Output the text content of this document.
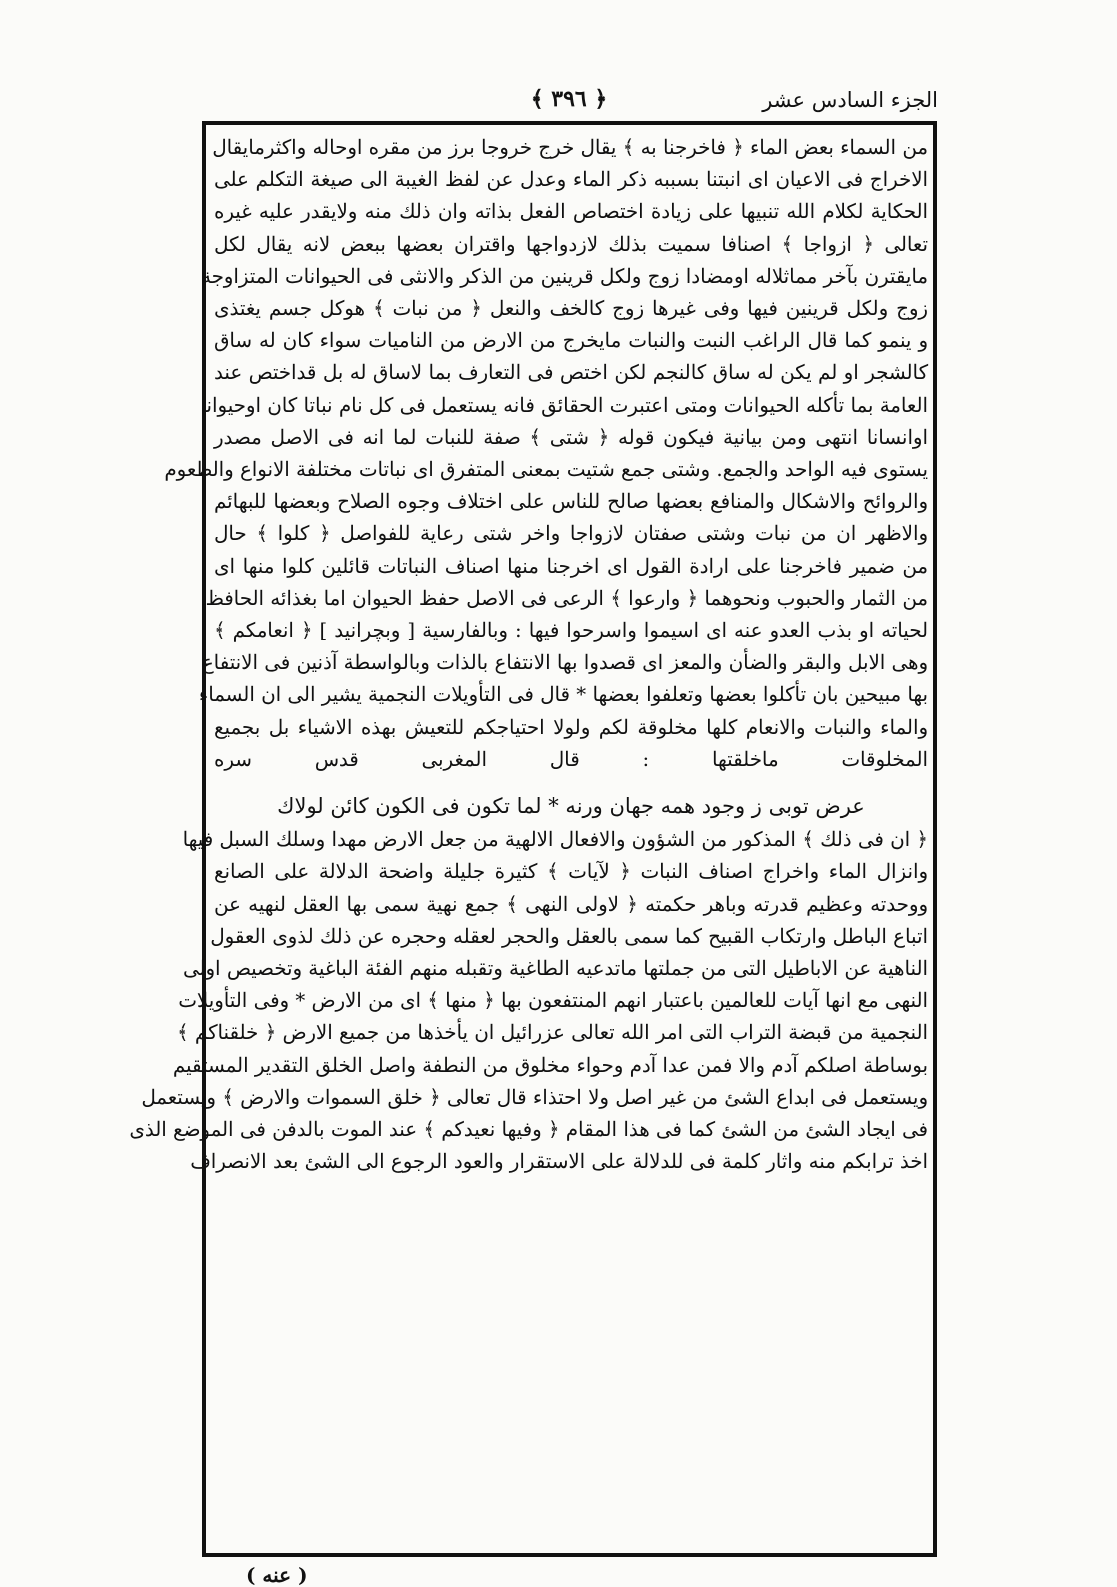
الجزء السادس عشر
﴿ ٣٩٦ ﴾
من السماء بعض الماء ﴿ فاخرجنا به ﴾ يقال خرج خروجا برز من مقره اوحاله واكثرمايقال
الاخراج فى الاعيان اى انبتنا بسببه ذكر الماء وعدل عن لفظ الغيبة الى صيغة التكلم على
الحكاية لكلام الله تنبيها على زيادة اختصاص الفعل بذاته وان ذلك منه ولايقدر عليه غيره
تعالى ﴿ ازواجا ﴾ اصنافا سميت بذلك لازدواجها واقتران بعضها ببعض لانه يقال لكل
مايقترن بآخر مماثلاله اومضادا زوج ولكل قرينين من الذكر والانثى فى الحيوانات المتزاوجة
زوج ولكل قرينين فيها وفى غيرها زوج كالخف والنعل ﴿ من نبات ﴾ هوكل جسم يغتذى
و ينمو كما قال الراغب النبت والنبات مايخرج من الارض من الناميات سواء كان له ساق
كالشجر او لم يكن له ساق كالنجم لكن اختص فى التعارف بما لاساق له بل قداختص عند
العامة بما تأكله الحيوانات ومتى اعتبرت الحقائق فانه يستعمل فى كل نام نباتا كان اوحيوانا
اوانسانا انتهى ومن بيانية فيكون قوله ﴿ شتى ﴾ صفة للنبات لما انه فى الاصل مصدر
يستوى فيه الواحد والجمع. وشتى جمع شتيت بمعنى المتفرق اى نباتات مختلفة الانواع والطعوم
والروائح والاشكال والمنافع بعضها صالح للناس على اختلاف وجوه الصلاح وبعضها للبهائم
والاظهر ان من نبات وشتى صفتان لازواجا واخر شتى رعاية للفواصل ﴿ كلوا ﴾ حال
من ضمير فاخرجنا على ارادة القول اى اخرجنا منها اصناف النباتات قائلين كلوا منها اى
من الثمار والحبوب ونحوهما ﴿ وارعوا ﴾ الرعى فى الاصل حفظ الحيوان اما بغذائه الحافظ
لحياته او بذب العدو عنه اى اسيموا واسرحوا فيها : وبالفارسية [ وبچرانيد ] ﴿ انعامكم ﴾
وهى الابل والبقر والضأن والمعز اى قصدوا بها الانتفاع بالذات وبالواسطة آذنين فى الانتفاع
بها مبيحين بان تأكلوا بعضها وتعلفوا بعضها * قال فى التأويلات النجمية يشير الى ان السماء
والماء والنبات والانعام كلها مخلوقة لكم ولولا احتياجكم للتعيش بهذه الاشياء بل بجميع
المخلوقات ماخلقتها : قال المغربى قدس سره
عرض توبى ز وجود همه جهان ورنه * لما تكون فى الكون كائن لولاك
﴿ ان فى ذلك ﴾ المذكور من الشؤون والافعال الالهية من جعل الارض مهدا وسلك السبل فيها
وانزال الماء واخراج اصناف النبات ﴿ لآيات ﴾ كثيرة جليلة واضحة الدلالة على الصانع
ووحدته وعظيم قدرته وباهر حكمته ﴿ لاولى النهى ﴾ جمع نهية سمى بها العقل لنهيه عن
اتباع الباطل وارتكاب القبيح كما سمى بالعقل والحجر لعقله وحجره عن ذلك لذوى العقول
الناهية عن الاباطيل التى من جملتها ماتدعيه الطاغية وتقبله منهم الفئة الباغية وتخصيص اولى
النهى مع انها آيات للعالمين باعتبار انهم المنتفعون بها ﴿ منها ﴾ اى من الارض * وفى التأويلات
النجمية من قبضة التراب التى امر الله تعالى عزرائيل ان يأخذها من جميع الارض ﴿ خلقناكم ﴾
بوساطة اصلكم آدم والا فمن عدا آدم وحواء مخلوق من النطفة واصل الخلق التقدير المستقيم
ويستعمل فى ابداع الشئ من غير اصل ولا احتذاء قال تعالى ﴿ خلق السموات والارض ﴾ ويستعمل
فى ايجاد الشئ من الشئ كما فى هذا المقام ﴿ وفيها نعيدكم ﴾ عند الموت بالدفن فى الموضع الذى
اخذ ترابكم منه واثار كلمة فى للدلالة على الاستقرار والعود الرجوع الى الشئ بعد الانصراف
( عنه )
